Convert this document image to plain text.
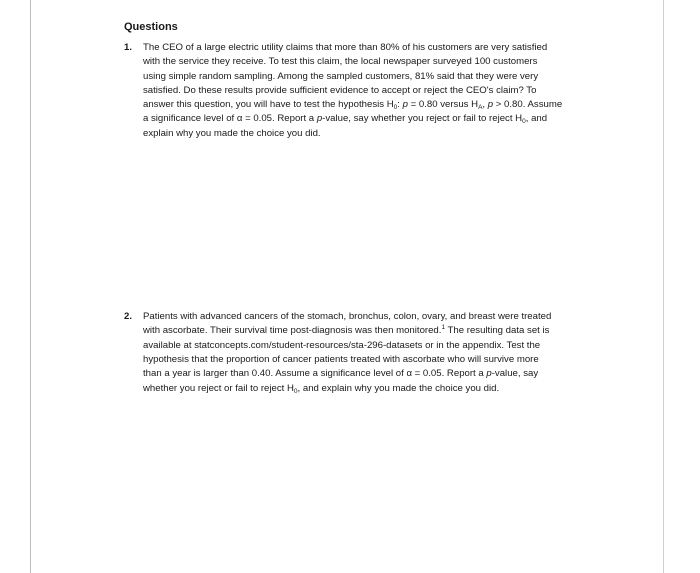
Questions
1. The CEO of a large electric utility claims that more than 80% of his customers are very satisfied
with the service they receive. To test this claim, the local newspaper surveyed 100 customers
using simple random sampling. Among the sampled customers, 81% said that they were very
satisfied. Do these results provide sufficient evidence to accept or reject the CEO's claim? To
answer this question, you will have to test the hypothesis $H_0$: p = 0.80 versus $H_A$, p > 0.80. Assume
a significance level of α = 0.05. Report a p-value, say whether you reject or fail to reject $H_0$, and
explain why you made the choice you did.
2. Patients with advanced cancers of the stomach, bronchus, colon, ovary, and breast were treated
with ascorbate. Their survival time post-diagnosis was then monitored.$^1$ The resulting data set is
available at statconcepts.com/student-resources/sta-296-datasets or in the appendix. Test the
hypothesis that the proportion of cancer patients treated with ascorbate who will survive more
than a year is larger than 0.40. Assume a significance level of α = 0.05. Report a p-value, say
whether you reject or fail to reject $H_0$, and explain why you made the choice you did.
